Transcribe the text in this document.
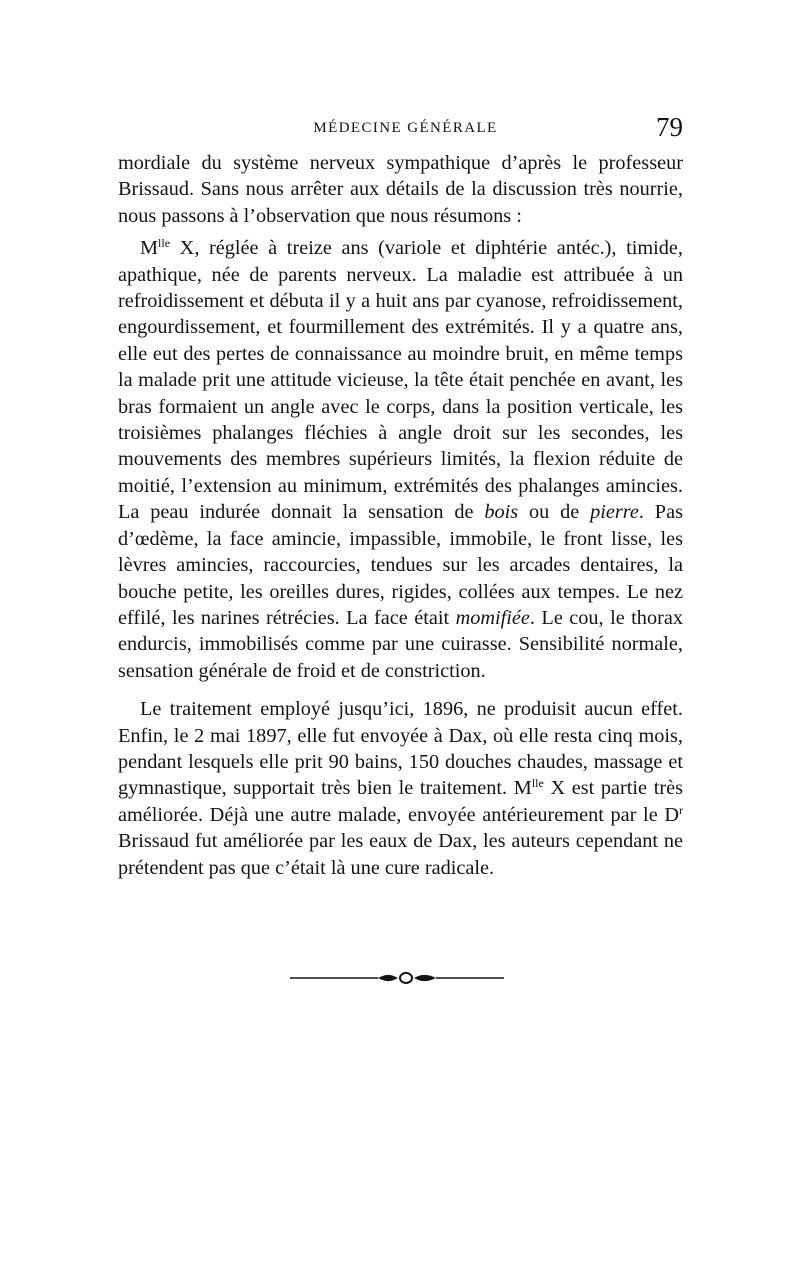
MÉDECINE GÉNÉRALE	79

mordiale du système nerveux sympathique d’après le professeur Brissaud. Sans nous arrêter aux détails de la discussion très nourrie, nous passons à l’observation que nous résumons :

$M^{lle}$ X, réglée à treize ans (variole et diphtérie antéc.), timide, apathique, née de parents nerveux. La maladie est attribuée à un refroidissement et débuta il y a huit ans par cyanose, refroidissement, engourdissement, et fourmillement des extrémités. Il y a quatre ans, elle eut des pertes de connaissance au moindre bruit, en même temps la malade prit une attitude vicieuse, la tête était penchée en avant, les bras formaient un angle avec le corps, dans la position verticale, les troisièmes phalanges fléchies à angle droit sur les secondes, les mouvements des membres supérieurs limités, la flexion réduite de moitié, l’extension au minimum, extrémités des phalanges amincies. La peau indurée donnait la sensation de bois ou de pierre. Pas d’œdème, la face amincie, impassible, immobile, le front lisse, les lèvres amincies, raccourcies, tendues sur les arcades dentaires, la bouche petite, les oreilles dures, rigides, collées aux tempes. Le nez effilé, les narines rétrécies. La face était momifiée. Le cou, le thorax endurcis, immobilisés comme par une cuirasse. Sensibilité normale, sensation générale de froid et de constriction.

Le traitement employé jusqu’ici, 1896, ne produisit aucun effet. Enfin, le 2 mai 1897, elle fut envoyée à Dax, où elle resta cinq mois, pendant lesquels elle prit 90 bains, 150 douches chaudes, massage et gymnastique, supportait très bien le traitement. $M^{lle}$ X est partie très améliorée. Déjà une autre malade, envoyée antérieurement par le $D^r$ Brissaud fut améliorée par les eaux de Dax, les auteurs cependant ne prétendent pas que c’était là une cure radicale.
